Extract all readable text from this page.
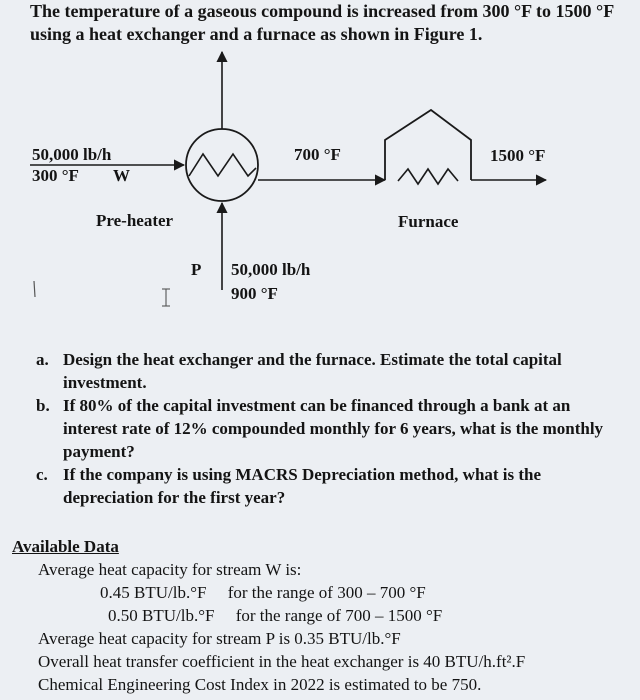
The temperature of a gaseous compound is increased from 300 °F to 1500 °F
using a heat exchanger and a furnace as shown in Figure 1.
50,000 lb/h
300 °F W
700 °F	1500 °F
Pre-heater	Furnace
P 50,000 lb/h
900 °F
a. Design the heat exchanger and the furnace. Estimate the total capital
investment.
b. If 80% of the capital investment can be financed through a bank at an
interest rate of 12% compounded monthly for 6 years, what is the monthly
payment?
c. If the company is using MACRS Depreciation method, what is the
depreciation for the first year?
Available Data
Average heat capacity for stream W is:
0.45 BTU/lb.°F     for the range of 300 – 700 °F
0.50 BTU/lb.°F     for the range of 700 – 1500 °F
Average heat capacity for stream P is 0.35 BTU/lb.°F
Overall heat transfer coefficient in the heat exchanger is 40 BTU/h.ft².F
Chemical Engineering Cost Index in 2022 is estimated to be 750.
